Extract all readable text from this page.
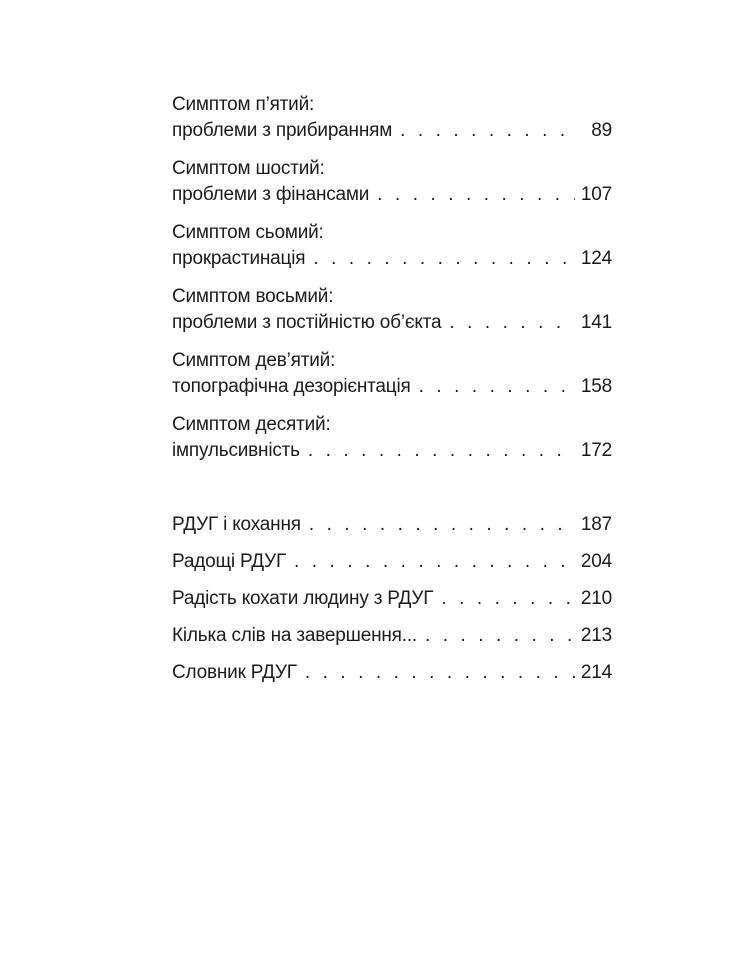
Симптом п’ятий:
проблеми з прибиранням . . .	89
Симптом шостий:
проблеми з фінансами . . .	107
Симптом сьомий:
прокрастинація . . .	124
Симптом восьмий:
проблеми з постійністю об’єкта . . .	141
Симптом дев’ятий:
топографічна дезорієнтація . . .	158
Симптом десятий:
імпульсивність . . .	172
РДУГ і кохання . . .	187
Радощі РДУГ . . .	204
Радість кохати людину з РДУГ . . .	210
Кілька слів на завершення... . . .	213
Словник РДУГ . . .	214
